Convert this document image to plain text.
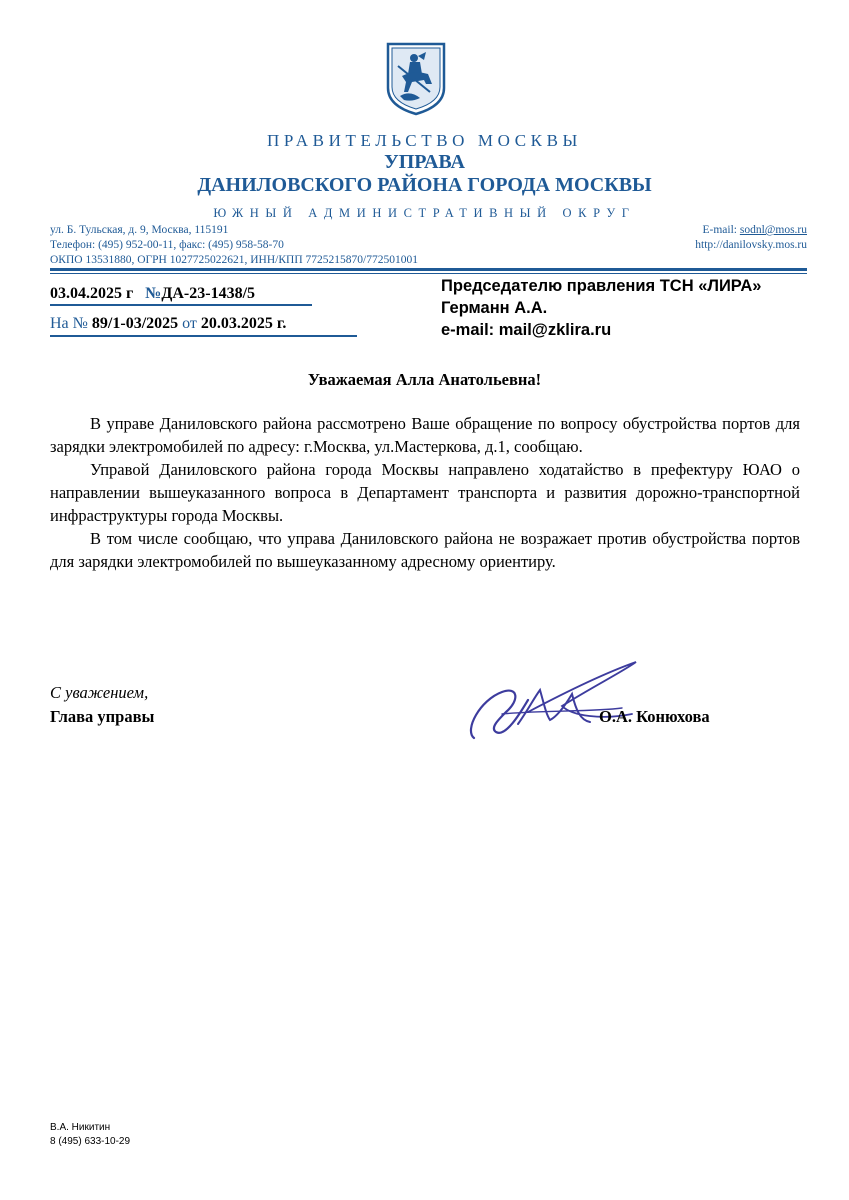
ПРАВИТЕЛЬСТВО МОСКВЫ
УПРАВА
ДАНИЛОВСКОГО РАЙОНА ГОРОДА МОСКВЫ
ЮЖНЫЙ АДМИНИСТРАТИВНЫЙ ОКРУГ
ул. Б. Тульская, д. 9, Москва, 115191
Телефон: (495) 952-00-11, факс: (495) 958-58-70
ОКПО 13531880, ОГРН 1027725022621, ИНН/КПП 7725215870/772501001
E-mail: sodnl@mos.ru
http://danilovsky.mos.ru
03.04.2025 г №ДА-23-1438/5
На № 89/1-03/2025 от 20.03.2025 г.
Председателю правления ТСН «ЛИРА»
Германн А.А.
e-mail: mail@zklira.ru
Уважаемая Алла Анатольевна!

В управе Даниловского района рассмотрено Ваше обращение по вопросу обустройства портов для зарядки электромобилей по адресу: г.Москва, ул.Мастеркова, д.1, сообщаю.

Управой Даниловского района города Москвы направлено ходатайство в префектуру ЮАО о направлении вышеуказанного вопроса в Департамент транспорта и развития дорожно-транспортной инфраструктуры города Москвы.

В том числе сообщаю, что управа Даниловского района не возражает против обустройства портов для зарядки электромобилей по вышеуказанному адресному ориентиру.

С уважением,
Глава управы	О.А. Конюхова
В.А. Никитин
8 (495) 633-10-29
